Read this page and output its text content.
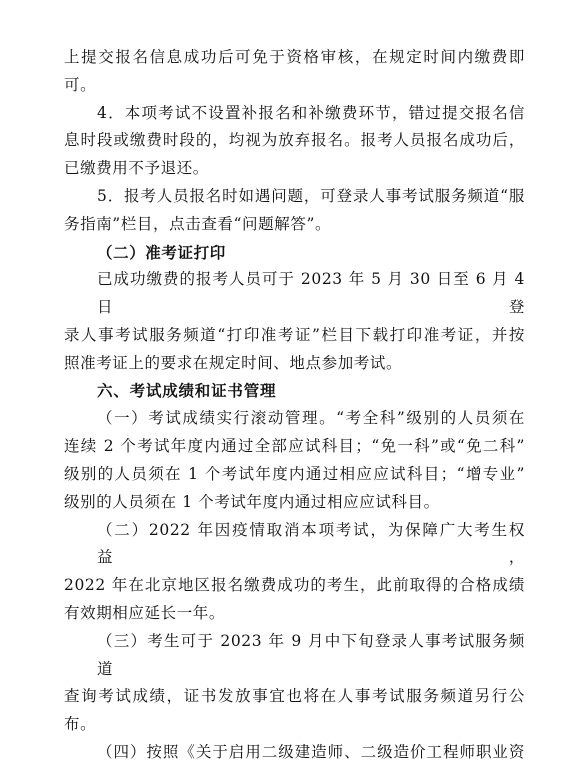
上提交报名信息成功后可免于资格审核，在规定时间内缴费即
可。
4．本项考试不设置补报名和补缴费环节，错过提交报名信
息时段或缴费时段的，均视为放弃报名。报考人员报名成功后，
已缴费用不予退还。
5．报考人员报名时如遇问题，可登录人事考试服务频道“服
务指南”栏目，点击查看“问题解答”。
（二）准考证打印
已成功缴费的报考人员可于 2023 年 5 月 30 日至 6 月 4 日登
录人事考试服务频道“打印准考证”栏目下载打印准考证，并按
照准考证上的要求在规定时间、地点参加考试。
六、考试成绩和证书管理
（一）考试成绩实行滚动管理。“考全科”级别的人员须在
连续 2 个考试年度内通过全部应试科目；“免一科”或“免二科”
级别的人员须在 1 个考试年度内通过相应应试科目；“增专业”
级别的人员须在 1 个考试年度内通过相应应试科目。
（二）2022 年因疫情取消本项考试，为保障广大考生权益，
2022 年在北京地区报名缴费成功的考生，此前取得的合格成绩
有效期相应延长一年。
（三）考生可于 2023 年 9 月中下旬登录人事考试服务频道
查询考试成绩，证书发放事宜也将在人事考试服务频道另行公
布。
（四）按照《关于启用二级建造师、二级造价工程师职业资
